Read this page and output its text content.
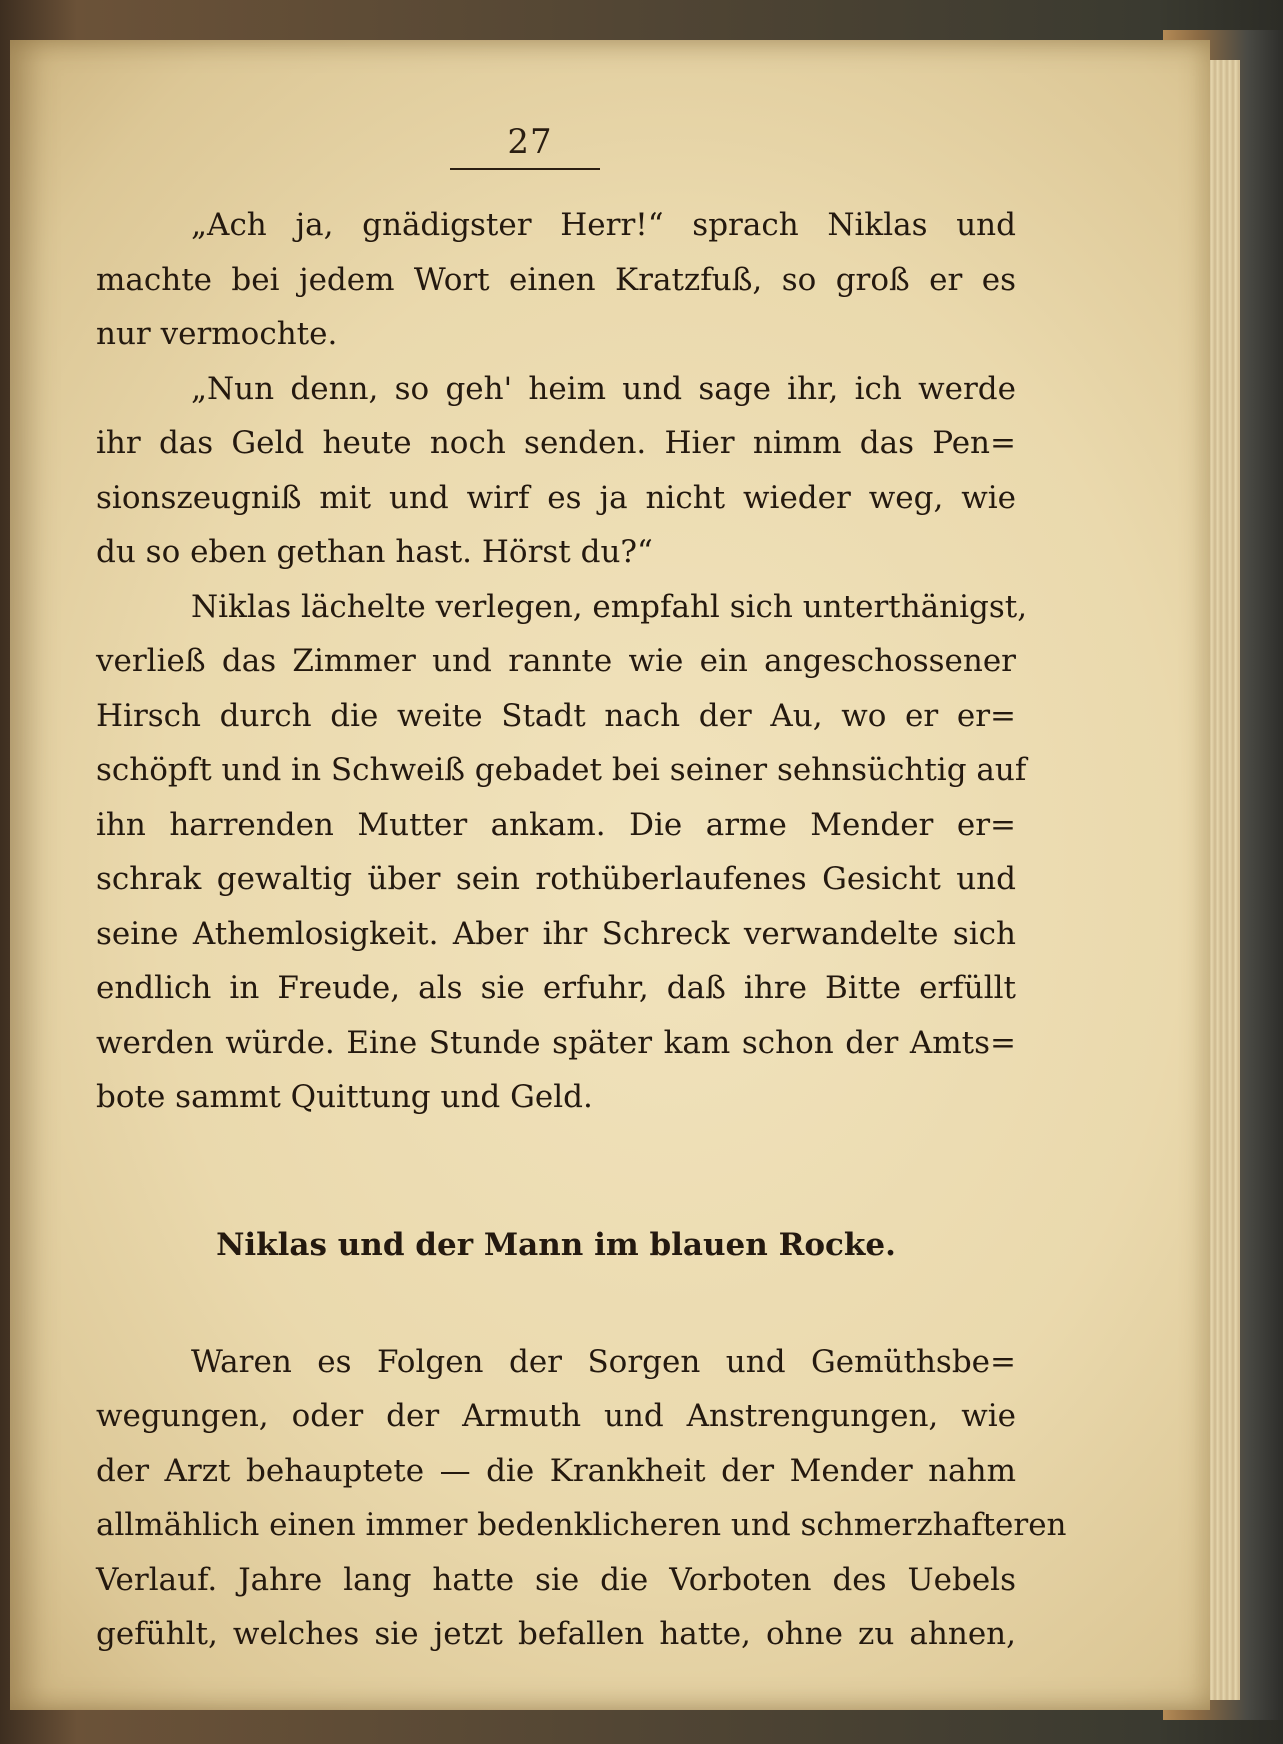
27
„Ach ja, gnädigster Herr!“ sprach Niklas und
machte bei jedem Wort einen Kratzfuß, so groß er es
nur vermochte.
„Nun denn, so geh' heim und sage ihr, ich werde
ihr das Geld heute noch senden. Hier nimm das Pen=
sionszeugniß mit und wirf es ja nicht wieder weg, wie
du so eben gethan hast. Hörst du?“
Niklas lächelte verlegen, empfahl sich unterthänigst,
verließ das Zimmer und rannte wie ein angeschossener
Hirsch durch die weite Stadt nach der Au, wo er er=
schöpft und in Schweiß gebadet bei seiner sehnsüchtig auf
ihn harrenden Mutter ankam. Die arme Mender er=
schrak gewaltig über sein rothüberlaufenes Gesicht und
seine Athemlosigkeit. Aber ihr Schreck verwandelte sich
endlich in Freude, als sie erfuhr, daß ihre Bitte erfüllt
werden würde. Eine Stunde später kam schon der Amts=
bote sammt Quittung und Geld.
Niklas und der Mann im blauen Rocke.
Waren es Folgen der Sorgen und Gemüthsbe=
wegungen, oder der Armuth und Anstrengungen, wie
der Arzt behauptete — die Krankheit der Mender nahm
allmählich einen immer bedenklicheren und schmerzhafteren
Verlauf. Jahre lang hatte sie die Vorboten des Uebels
gefühlt, welches sie jetzt befallen hatte, ohne zu ahnen,
